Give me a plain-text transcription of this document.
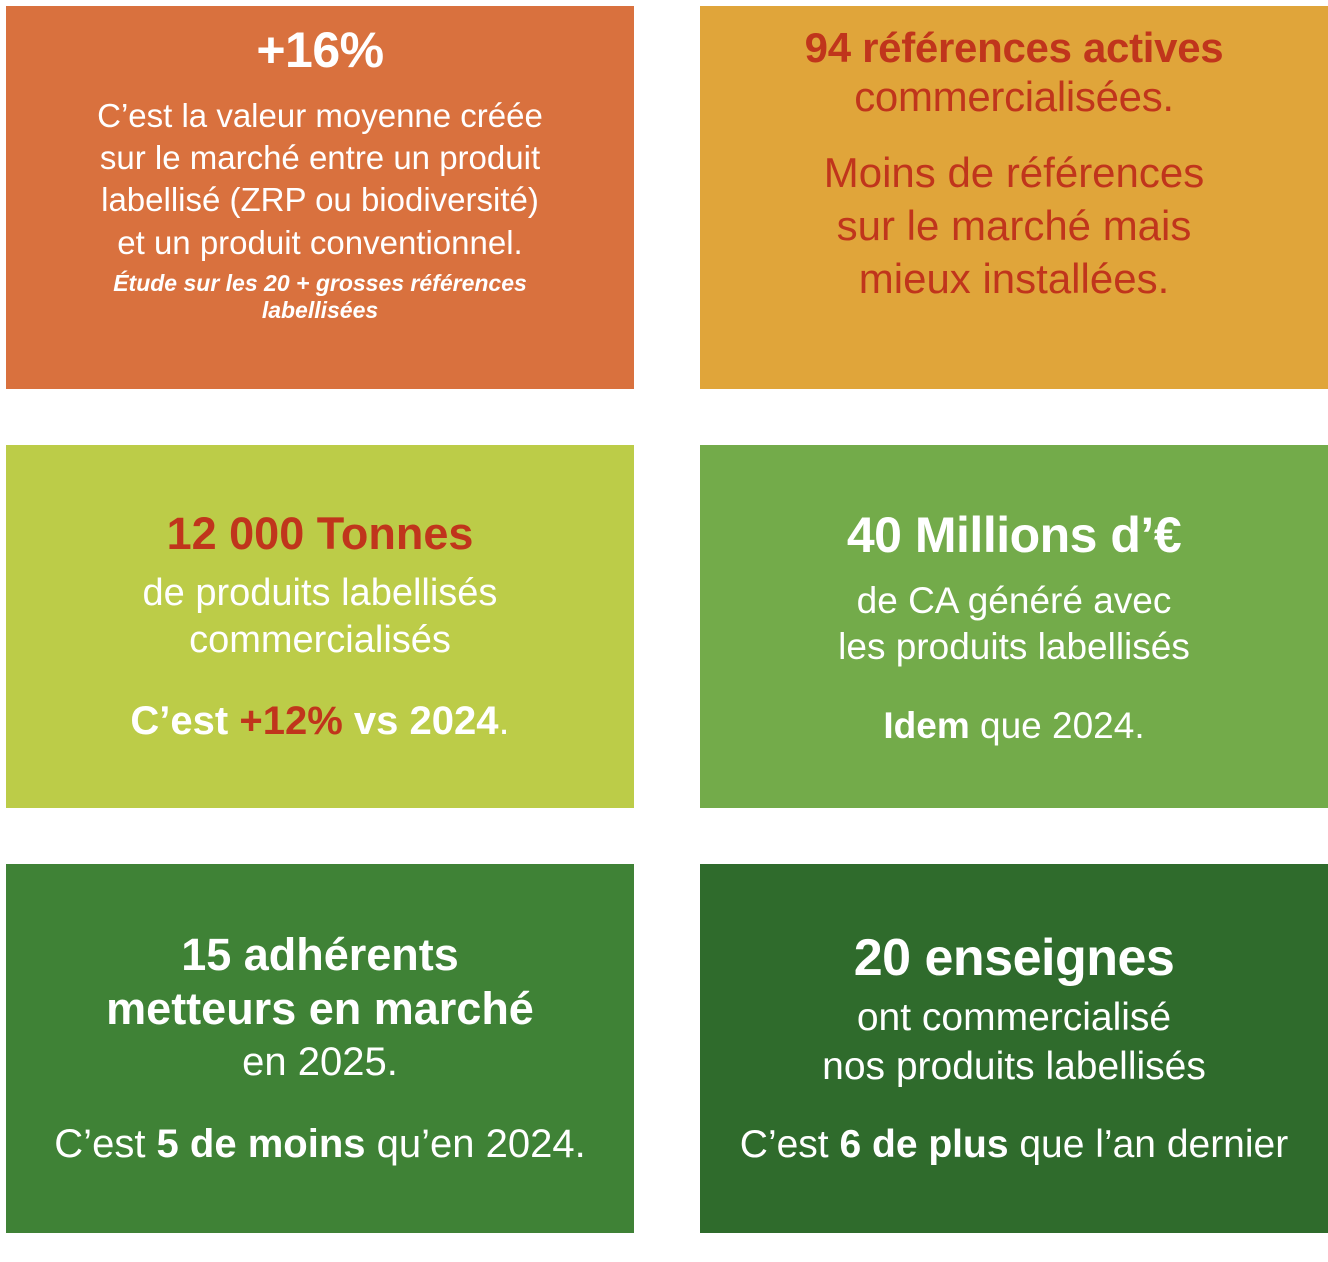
+16%
C’est la valeur moyenne créée
sur le marché entre un produit
labellisé (ZRP ou biodiversité)
et un produit conventionnel.
Étude sur les 20 + grosses références
labellisées
94 références actives
commercialisées.
Moins de références
sur le marché mais
mieux installées.
12 000 Tonnes
de produits labellisés
commercialisés
C’est +12% vs 2024.
40 Millions d’€
de CA généré avec
les produits labellisés
Idem que 2024.
15 adhérents
metteurs en marché
en 2025.
C’est 5 de moins qu’en 2024.
20 enseignes
ont commercialisé
nos produits labellisés
C’est 6 de plus que l’an dernier
